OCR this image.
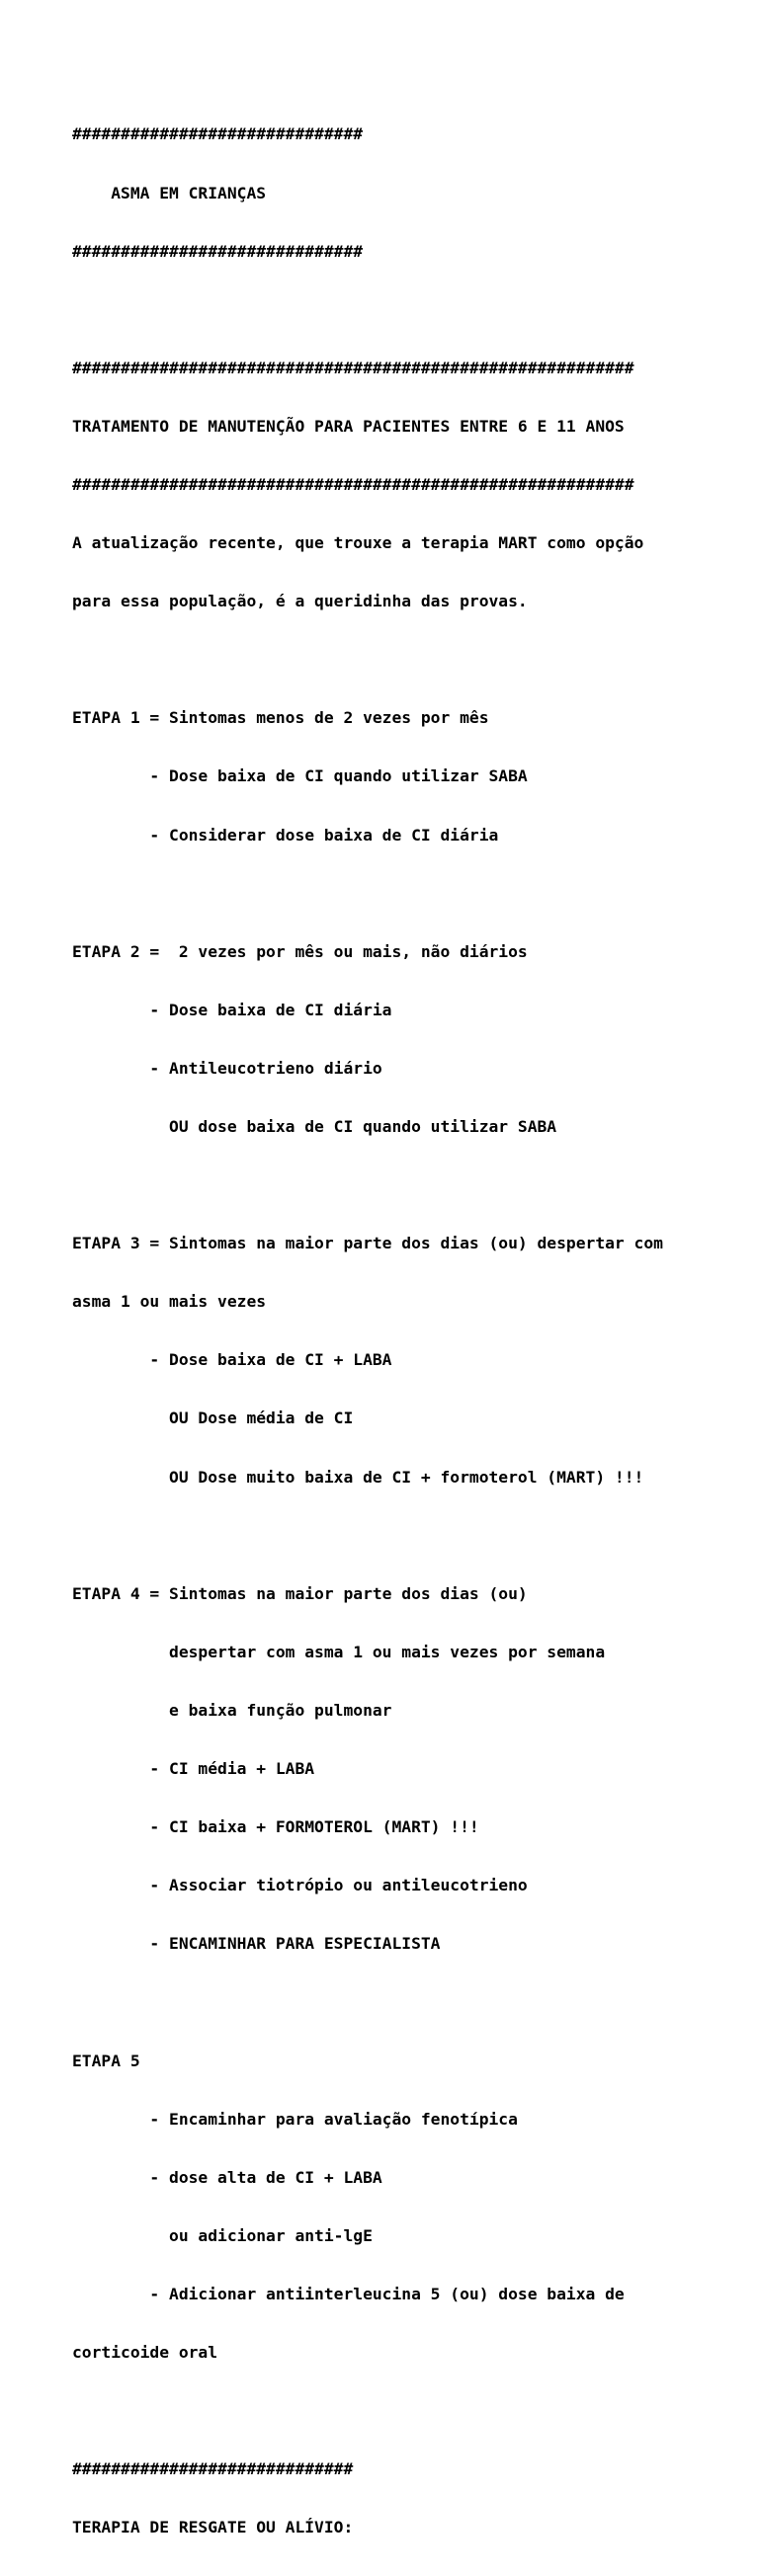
##############################

ASMA EM CRIANÇAS

##############################

##########################################################

TRATAMENTO DE MANUTENÇÃO PARA PACIENTES ENTRE 6 E 11 ANOS

##########################################################

A atualização recente, que trouxe a terapia MART como opção

para essa população, é a queridinha das provas.

ETAPA 1 = Sintomas menos de 2 vezes por mês

- Dose baixa de CI quando utilizar SABA

- Considerar dose baixa de CI diária

ETAPA 2 =  2 vezes por mês ou mais, não diários

- Dose baixa de CI diária

- Antileucotrieno diário

OU dose baixa de CI quando utilizar SABA

ETAPA 3 = Sintomas na maior parte dos dias (ou) despertar com

asma 1 ou mais vezes

- Dose baixa de CI + LABA

OU Dose média de CI

OU Dose muito baixa de CI + formoterol (MART) !!!

ETAPA 4 = Sintomas na maior parte dos dias (ou)

despertar com asma 1 ou mais vezes por semana

e baixa função pulmonar

- CI média + LABA

- CI baixa + FORMOTEROL (MART) !!!

- Associar tiotrópio ou antileucotrieno

- ENCAMINHAR PARA ESPECIALISTA

ETAPA 5

- Encaminhar para avaliação fenotípica

- dose alta de CI + LABA

ou adicionar anti-lgE

- Adicionar antiinterleucina 5 (ou) dose baixa de

corticoide oral

#############################

TERAPIA DE RESGATE OU ALÍVIO:
